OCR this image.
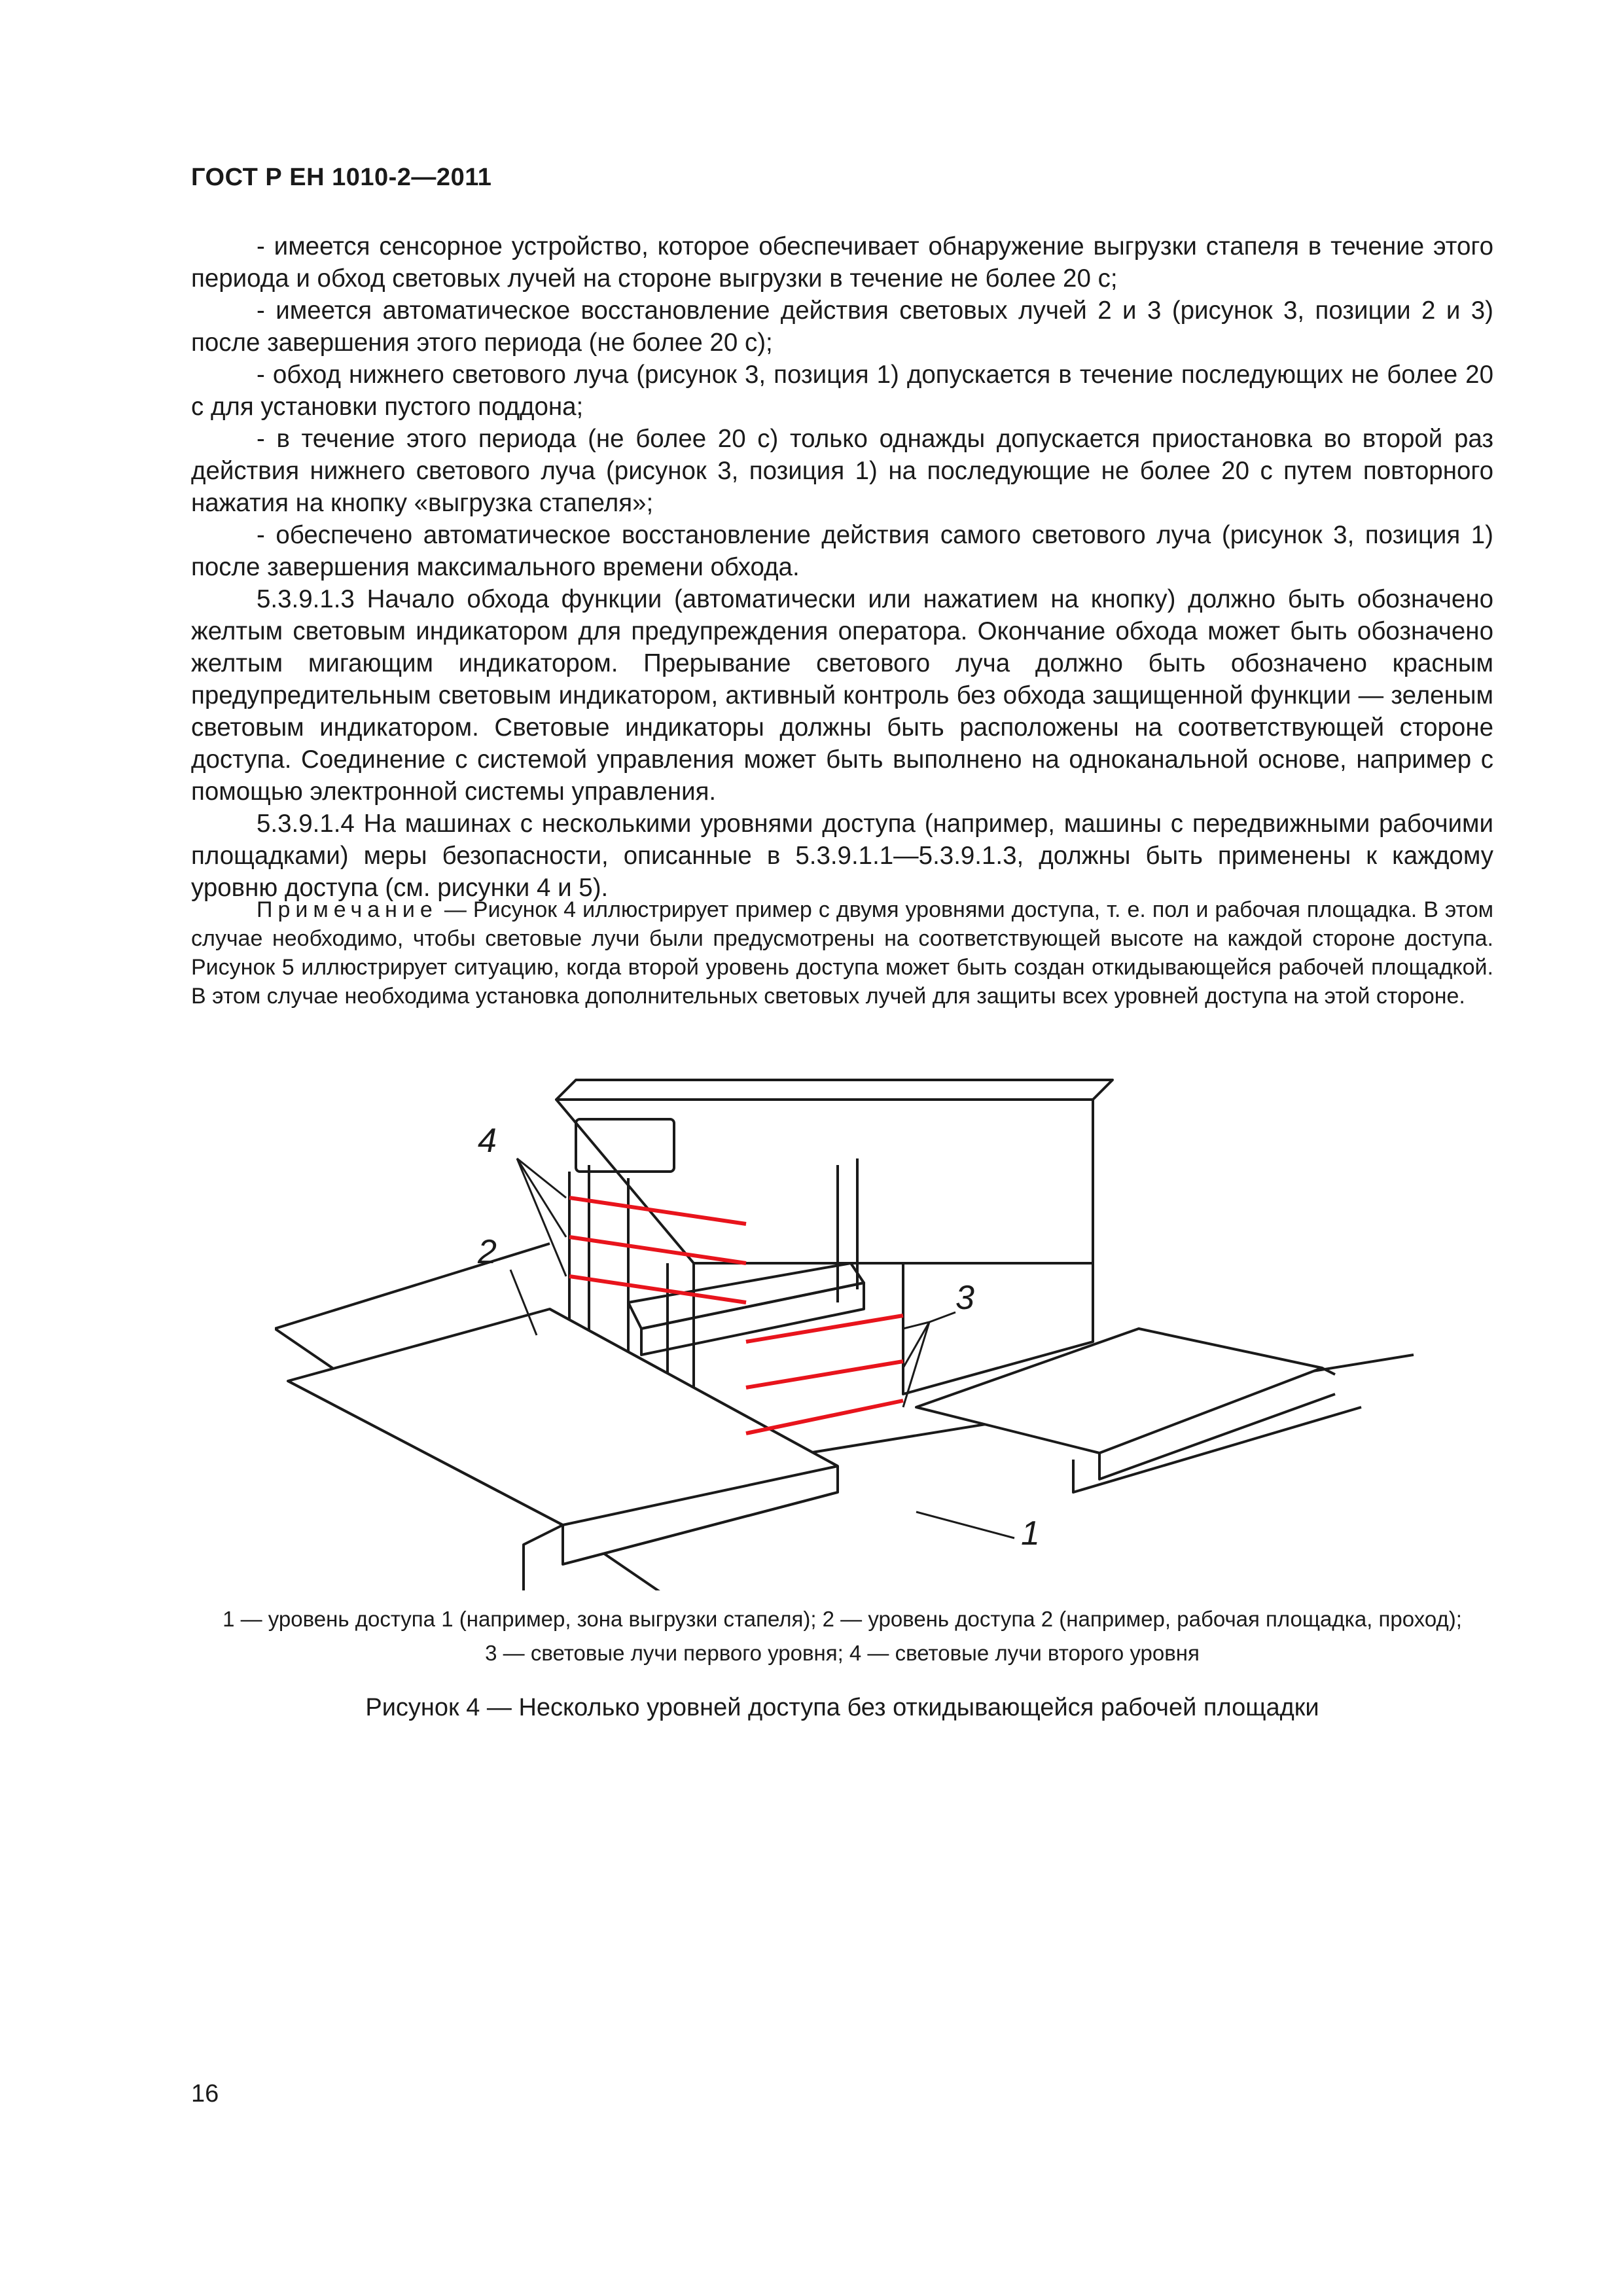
ГОСТ Р ЕН 1010-2—2011

- имеется сенсорное устройство, которое обеспечивает обнаружение выгрузки стапеля в течение этого периода и обход световых лучей на стороне выгрузки в течение не более 20 с;

- имеется автоматическое восстановление действия световых лучей 2 и 3 (рисунок 3, позиции 2 и 3) после завершения этого периода (не более 20 с);

- обход нижнего светового луча (рисунок 3, позиция 1) допускается в течение последующих не более 20 с для установки пустого поддона;

- в течение этого периода (не более 20 с) только однажды допускается приостановка во второй раз действия нижнего светового луча (рисунок 3, позиция 1) на последующие не более 20 с путем повторного нажатия на кнопку «выгрузка стапеля»;

- обеспечено автоматическое восстановление действия самого светового луча (рисунок 3, позиция 1) после завершения максимального времени обхода.

5.3.9.1.3 Начало обхода функции (автоматически или нажатием на кнопку) должно быть обозначено желтым световым индикатором для предупреждения оператора. Окончание обхода может быть обозначено желтым мигающим индикатором. Прерывание светового луча должно быть обозначено красным предупредительным световым индикатором, активный контроль без обхода защищенной функции — зеленым световым индикатором. Световые индикаторы должны быть расположены на соответствующей стороне доступа. Соединение с системой управления может быть выполнено на одноканальной основе, например с помощью электронной системы управления.

5.3.9.1.4 На машинах с несколькими уровнями доступа (например, машины с передвижными рабочими площадками) меры безопасности, описанные в 5.3.9.1.1—5.3.9.1.3, должны быть применены к каждому уровню доступа (см. рисунки 4 и 5).

Примечание — Рисунок 4 иллюстрирует пример с двумя уровнями доступа, т. е. пол и рабочая площадка. В этом случае необходимо, чтобы световые лучи были предусмотрены на соответствующей высоте на каждой стороне доступа. Рисунок 5 иллюстрирует ситуацию, когда второй уровень доступа может быть создан откидывающейся рабочей площадкой. В этом случае необходима установка дополнительных световых лучей для защиты всех уровней доступа на этой стороне.

4
2
3
1
1 — уровень доступа 1 (например, зона выгрузки стапеля); 2 — уровень доступа 2 (например, рабочая площадка, проход);
3 — световые лучи первого уровня; 4 — световые лучи второго уровня
Рисунок 4 — Несколько уровней доступа без откидывающейся рабочей площадки
16
